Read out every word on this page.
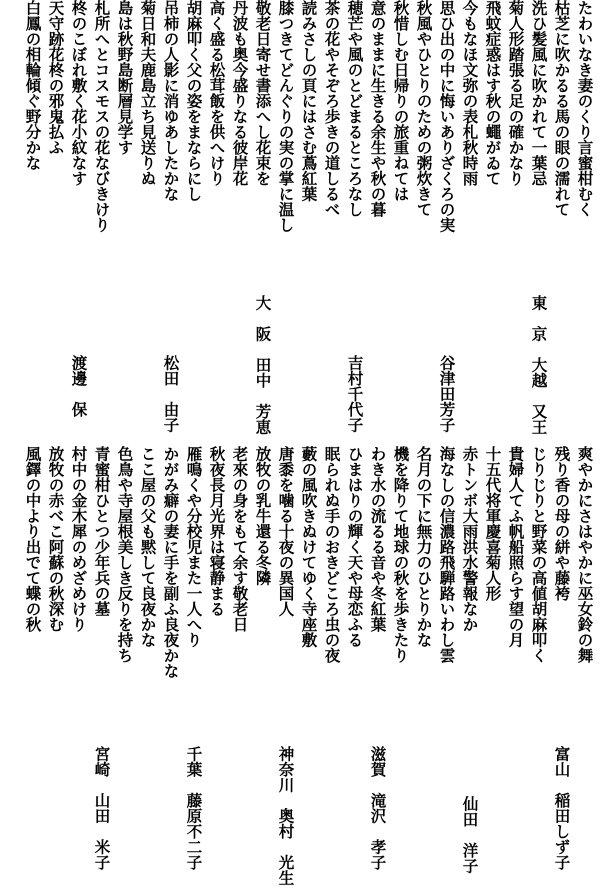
たわいなき妻のくり言蜜柑むく
枯芝に吹かるる馬の眼の濡れて
洗ひ髪風に吹かれて一葉忌
菊人形踏張る足の確かなり
飛蚊症惑はす秋の蠅がゐて
今もなほ文弥の表札秋時雨
思ひ出の中に悔いありざくろの実
秋風やひとりのための粥炊きて
秋惜しむ日帰りの旅重ねては
意のままに生きる余生や秋の暮
穂芒や風のとどまるところなし
茶の花やそぞろ歩きの道しるべ
読みさしの頁にはさむ蔦紅葉
膝つきてどんぐりの実の掌に温し
敬老日寄せ書添へし花束を
丹波も奥今盛りなる彼岸花
高く盛る松茸飯を供へけり
胡麻叩く父の姿をまならにし
吊柿の人影に消ゆあしたかな
菊日和夫鹿島立ち見送りぬ
島は秋野島断層見学す
札所へとコスモスの花なびきけり
柊のこぼれ敷く花小紋なす
天守跡花柊の邪鬼払ふ
白鳳の相輪傾ぐ野分かな
東　京　大越　又王
谷津田芳子
吉村千代子
大　阪　田中　芳恵
松田　由子
渡邊　保
爽やかにさはやかに巫女鈴の舞
残り香の母の絣や藤袴
じりじりと野菜の高値胡麻叩く
貴婦人てふ帆船照らす望の月
十五代将軍慶喜菊人形
赤トンボ大雨洪水警報なか
海なしの信濃路飛騨路いわし雲
名月の下に無力のひとりかな
機を降りて地球の秋を歩きたり
わき水の流るる音や冬紅葉
ひまはりの輝く天や母恋ふる
眠られぬ手のおきどころ虫の夜
藪の風吹きぬけてゆく寺座敷
唐黍を噛る十夜の異国人
放牧の乳牛還る冬隣
老來の身をもて余す敬老日
秋夜長月光界は寝静まる
雁鳴くや分校児また一人へり
かがみ癖の妻に手を副ふ良夜かな
ここ屋の父も黙して良夜かな
色鳥や寺屋根美しき反りを持ち
青蜜柑ひとつ少年兵の墓
村中の金木犀のめざめけり
放牧の赤べこ阿蘇の秋深む
風鐸の中より出でて蝶の秋
富山　稲田しず子
仙田　洋子
滋賀　滝沢　孝子
神奈川　奥村　光生
千葉　藤原不二子
宮崎　山田　米子
